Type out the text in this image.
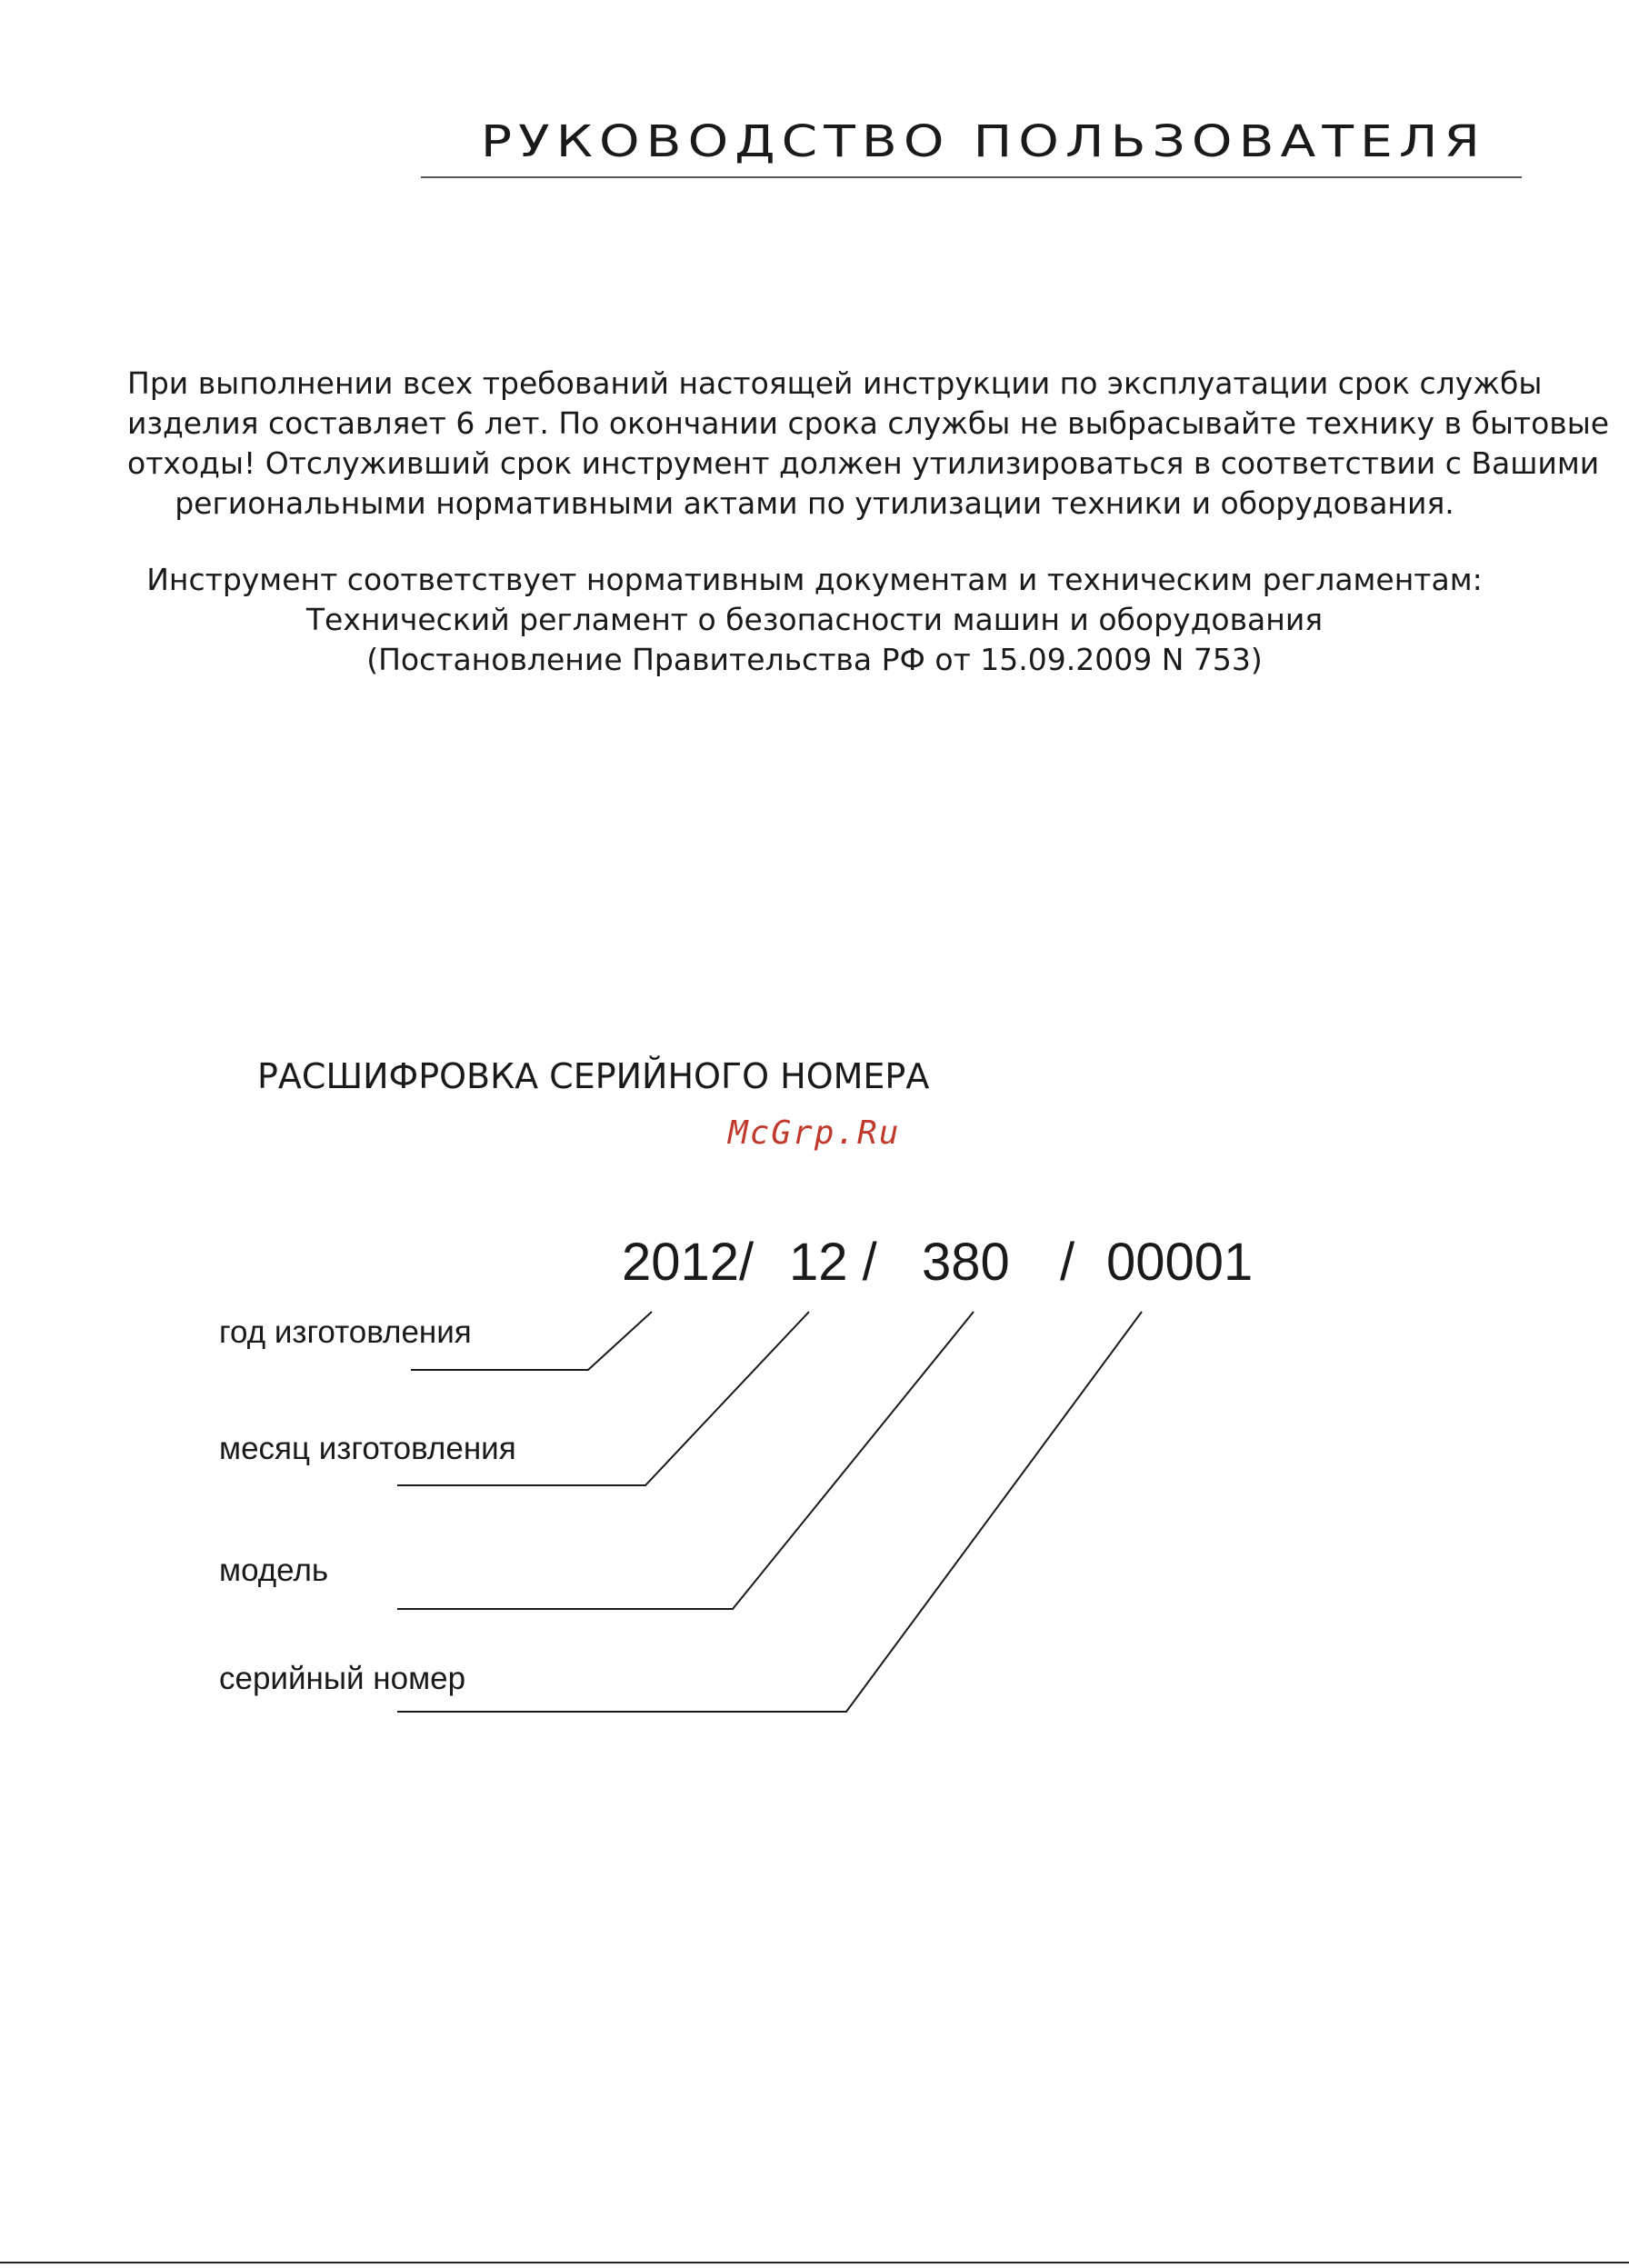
РУКОВОДСТВО ПОЛЬЗОВАТЕЛЯ

При выполнении всех требований настоящей инструкции по эксплуатации срок службы
изделия составляет 6 лет. По окончании срока службы не выбрасывайте технику в бытовые
отходы! Отслуживший срок инструмент должен утилизироваться в соответствии с Вашими
региональными нормативными актами по утилизации техники и оборудования.

Инструмент соответствует нормативным документам и техническим регламентам:
Технический регламент о безопасности машин и оборудования
(Постановление Правительства РФ от 15.09.2009 N 753)

РАСШИФРОВКА СЕРИЙНОГО НОМЕРА
McGrp.Ru
2012/ 12 / 380 / 00001
год изготовления
месяц изготовления
модель
серийный номер
